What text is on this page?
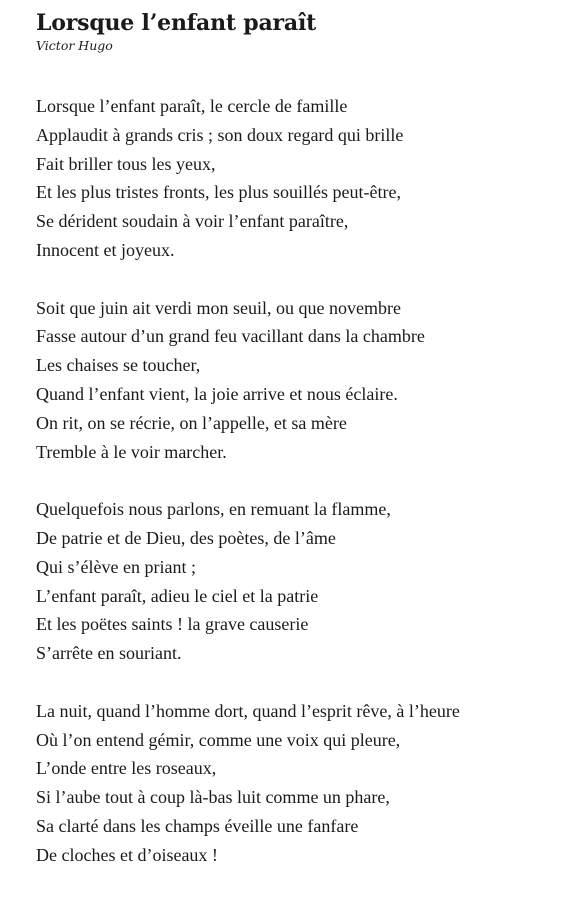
Lorsque l’enfant paraît
Victor Hugo
Lorsque l’enfant paraît, le cercle de famille
Applaudit à grands cris ; son doux regard qui brille
Fait briller tous les yeux,
Et les plus tristes fronts, les plus souillés peut-être,
Se dérident soudain à voir l’enfant paraître,
Innocent et joyeux.
Soit que juin ait verdi mon seuil, ou que novembre
Fasse autour d’un grand feu vacillant dans la chambre
Les chaises se toucher,
Quand l’enfant vient, la joie arrive et nous éclaire.
On rit, on se récrie, on l’appelle, et sa mère
Tremble à le voir marcher.
Quelquefois nous parlons, en remuant la flamme,
De patrie et de Dieu, des poètes, de l’âme
Qui s’élève en priant ;
L’enfant paraît, adieu le ciel et la patrie
Et les poëtes saints ! la grave causerie
S’arrête en souriant.
La nuit, quand l’homme dort, quand l’esprit rêve, à l’heure
Où l’on entend gémir, comme une voix qui pleure,
L’onde entre les roseaux,
Si l’aube tout à coup là-bas luit comme un phare,
Sa clarté dans les champs éveille une fanfare
De cloches et d’oiseaux !
